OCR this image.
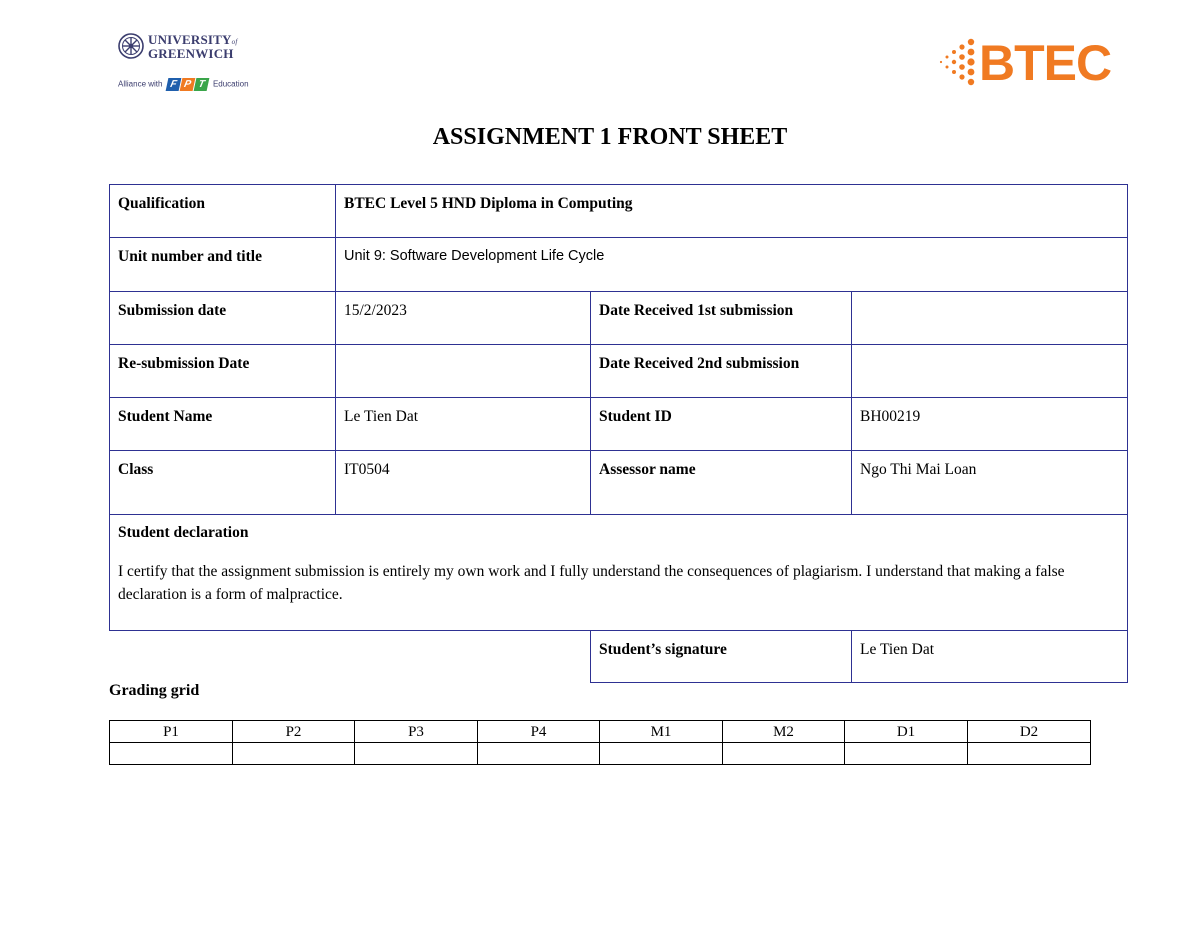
UNIVERSITYof
GREENWICH
Alliance with F P T Education	BTEC
ASSIGNMENT 1 FRONT SHEET
Qualification	BTEC Level 5 HND Diploma in Computing		
Unit number and title	Unit 9: Software Development Life Cycle		
Submission date	15/2/2023	Date Received 1st submission	
Re-submission Date		Date Received 2nd submission	
Student Name	Le Tien Dat	Student ID	BH00219
Class	IT0504	Assessor name	Ngo Thi Mai Loan

Student declaration
I certify that the assignment submission is entirely my own work and I fully understand the consequences of plagiarism. I understand that making a false declaration is a form of malpractice.			

		Student’s signature	Le Tien Dat
Grading grid
P1	P2	P3	P4	M1	M2	D1	D2
